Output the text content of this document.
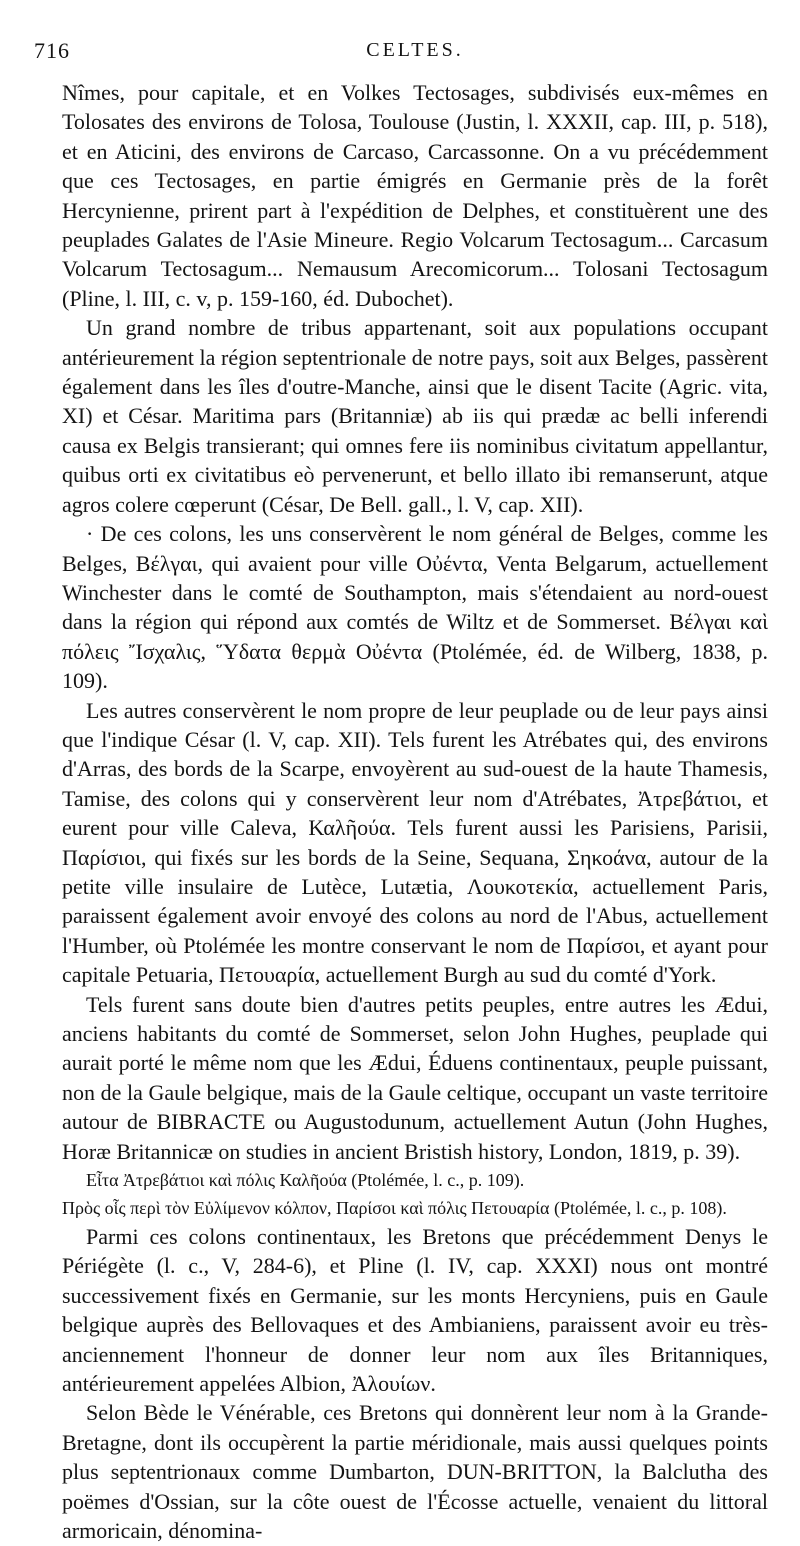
716	CELTES.

Nîmes, pour capitale, et en Volkes Tectosages, subdivisés eux-mêmes en Tolosates des environs de Tolosa, Toulouse (Justin, l. XXXII, cap. III, p. 518), et en Aticini, des environs de Carcaso, Carcassonne. On a vu précédemment que ces Tectosages, en partie émigrés en Germanie près de la forêt Hercynienne, prirent part à l'expédition de Delphes, et constituèrent une des peuplades Galates de l'Asie Mineure. Regio Volcarum Tectosagum... Carcasum Volcarum Tectosagum... Nemausum Arecomicorum... Tolosani Tectosagum (Pline, l. III, c. v, p. 159-160, éd. Dubochet).

Un grand nombre de tribus appartenant, soit aux populations occupant antérieurement la région septentrionale de notre pays, soit aux Belges, passèrent également dans les îles d'outre-Manche, ainsi que le disent Tacite (Agric. vita, XI) et César. Maritima pars (Britanniæ) ab iis qui prædæ ac belli inferendi causa ex Belgis transierant; qui omnes fere iis nominibus civitatum appellantur, quibus orti ex civitatibus eò pervenerunt, et bello illato ibi remanserunt, atque agros colere cœperunt (César, De Bell. gall., l. V, cap. XII).

· De ces colons, les uns conservèrent le nom général de Belges, comme les Belges, Βέλγαι, qui avaient pour ville Οὐέντα, Venta Belgarum, actuellement Winchester dans le comté de Southampton, mais s'étendaient au nord-ouest dans la région qui répond aux comtés de Wiltz et de Sommerset. Βέλγαι καὶ πόλεις Ἴσχαλις, Ὕδατα θερμὰ Οὐέντα (Ptolémée, éd. de Wilberg, 1838, p. 109).

Les autres conservèrent le nom propre de leur peuplade ou de leur pays ainsi que l'indique César (l. V, cap. XII). Tels furent les Atrébates qui, des environs d'Arras, des bords de la Scarpe, envoyèrent au sud-ouest de la haute Thamesis, Tamise, des colons qui y conservèrent leur nom d'Atrébates, Ἀτρεβάτιοι, et eurent pour ville Caleva, Καλῆούα. Tels furent aussi les Parisiens, Parisii, Παρίσιοι, qui fixés sur les bords de la Seine, Sequana, Σηκοάνα, autour de la petite ville insulaire de Lutèce, Lutætia, Λουκοτεκία, actuellement Paris, paraissent également avoir envoyé des colons au nord de l'Abus, actuellement l'Humber, où Ptolémée les montre conservant le nom de Παρίσοι, et ayant pour capitale Petuaria, Πετουαρία, actuellement Burgh au sud du comté d'York.

Tels furent sans doute bien d'autres petits peuples, entre autres les Ædui, anciens habitants du comté de Sommerset, selon John Hughes, peuplade qui aurait porté le même nom que les Ædui, Éduens continentaux, peuple puissant, non de la Gaule belgique, mais de la Gaule celtique, occupant un vaste territoire autour de BIBRACTE ou Augustodunum, actuellement Autun (John Hughes, Horæ Britannicæ on studies in ancient Bristish history, London, 1819, p. 39).

Εἶτα Ἀτρεβάτιοι καὶ πόλις Καλῆούα (Ptolémée, l. c., p. 109).

Πρὸς οἷς περὶ τὸν Εὐλίμενον κόλπον, Παρίσοι καὶ πόλις Πετουαρία (Ptolémée, l. c., p. 108).

Parmi ces colons continentaux, les Bretons que précédemment Denys le Périégète (l. c., V, 284-6), et Pline (l. IV, cap. XXXI) nous ont montré successivement fixés en Germanie, sur les monts Hercyniens, puis en Gaule belgique auprès des Bellovaques et des Ambianiens, paraissent avoir eu très-anciennement l'honneur de donner leur nom aux îles Britanniques, antérieurement appelées Albion, Ἀλουίων.

Selon Bède le Vénérable, ces Bretons qui donnèrent leur nom à la Grande-Bretagne, dont ils occupèrent la partie méridionale, mais aussi quelques points plus septentrionaux comme Dumbarton, DUN-BRITTON, la Balclutha des poëmes d'Ossian, sur la côte ouest de l'Écosse actuelle, venaient du littoral armoricain, dénomina-
